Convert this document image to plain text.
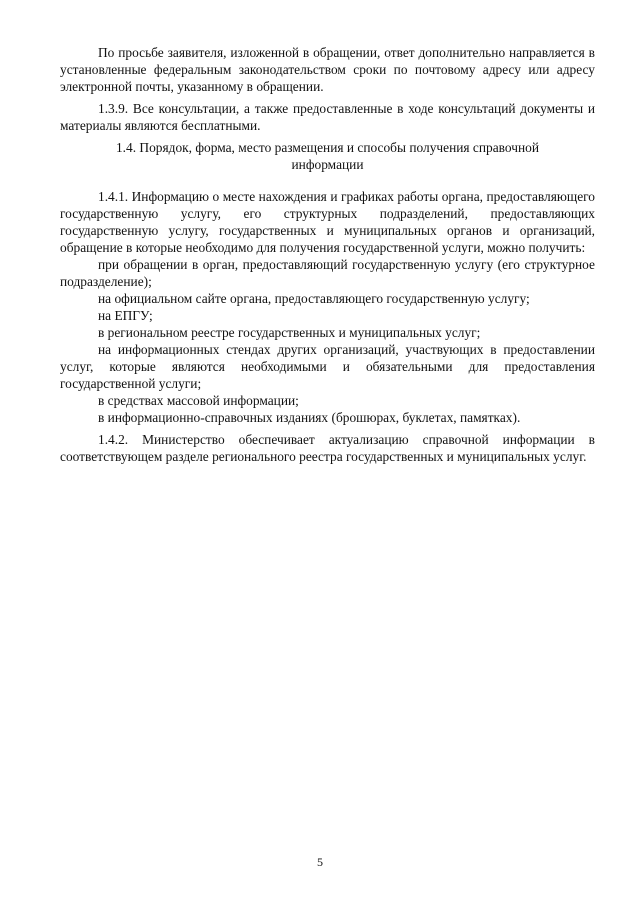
По просьбе заявителя, изложенной в обращении, ответ дополнительно направляется в установленные федеральным законодательством сроки по почтовому адресу или адресу электронной почты, указанному в обращении.

1.3.9. Все консультации, а также предоставленные в ходе консультаций документы и материалы являются бесплатными.

1.4. Порядок, форма, место размещения и способы получения справочной информации

1.4.1. Информацию о месте нахождения и графиках работы органа, предоставляющего государственную услугу, его структурных подразделений, предоставляющих государственную услугу, государственных и муниципальных органов и организаций, обращение в которые необходимо для получения государственной услуги, можно получить:

при обращении в орган, предоставляющий государственную услугу (его структурное подразделение);

на официальном сайте органа, предоставляющего государственную услугу;

на ЕПГУ;

в региональном реестре государственных и муниципальных услуг;

на информационных стендах других организаций, участвующих в предоставлении услуг, которые являются необходимыми и обязательными для предоставления государственной услуги;

в средствах массовой информации;

в информационно-справочных изданиях (брошюрах, буклетах, памятках).

1.4.2. Министерство обеспечивает актуализацию справочной информации в соответствующем разделе регионального реестра государственных и муниципальных услуг.

5
